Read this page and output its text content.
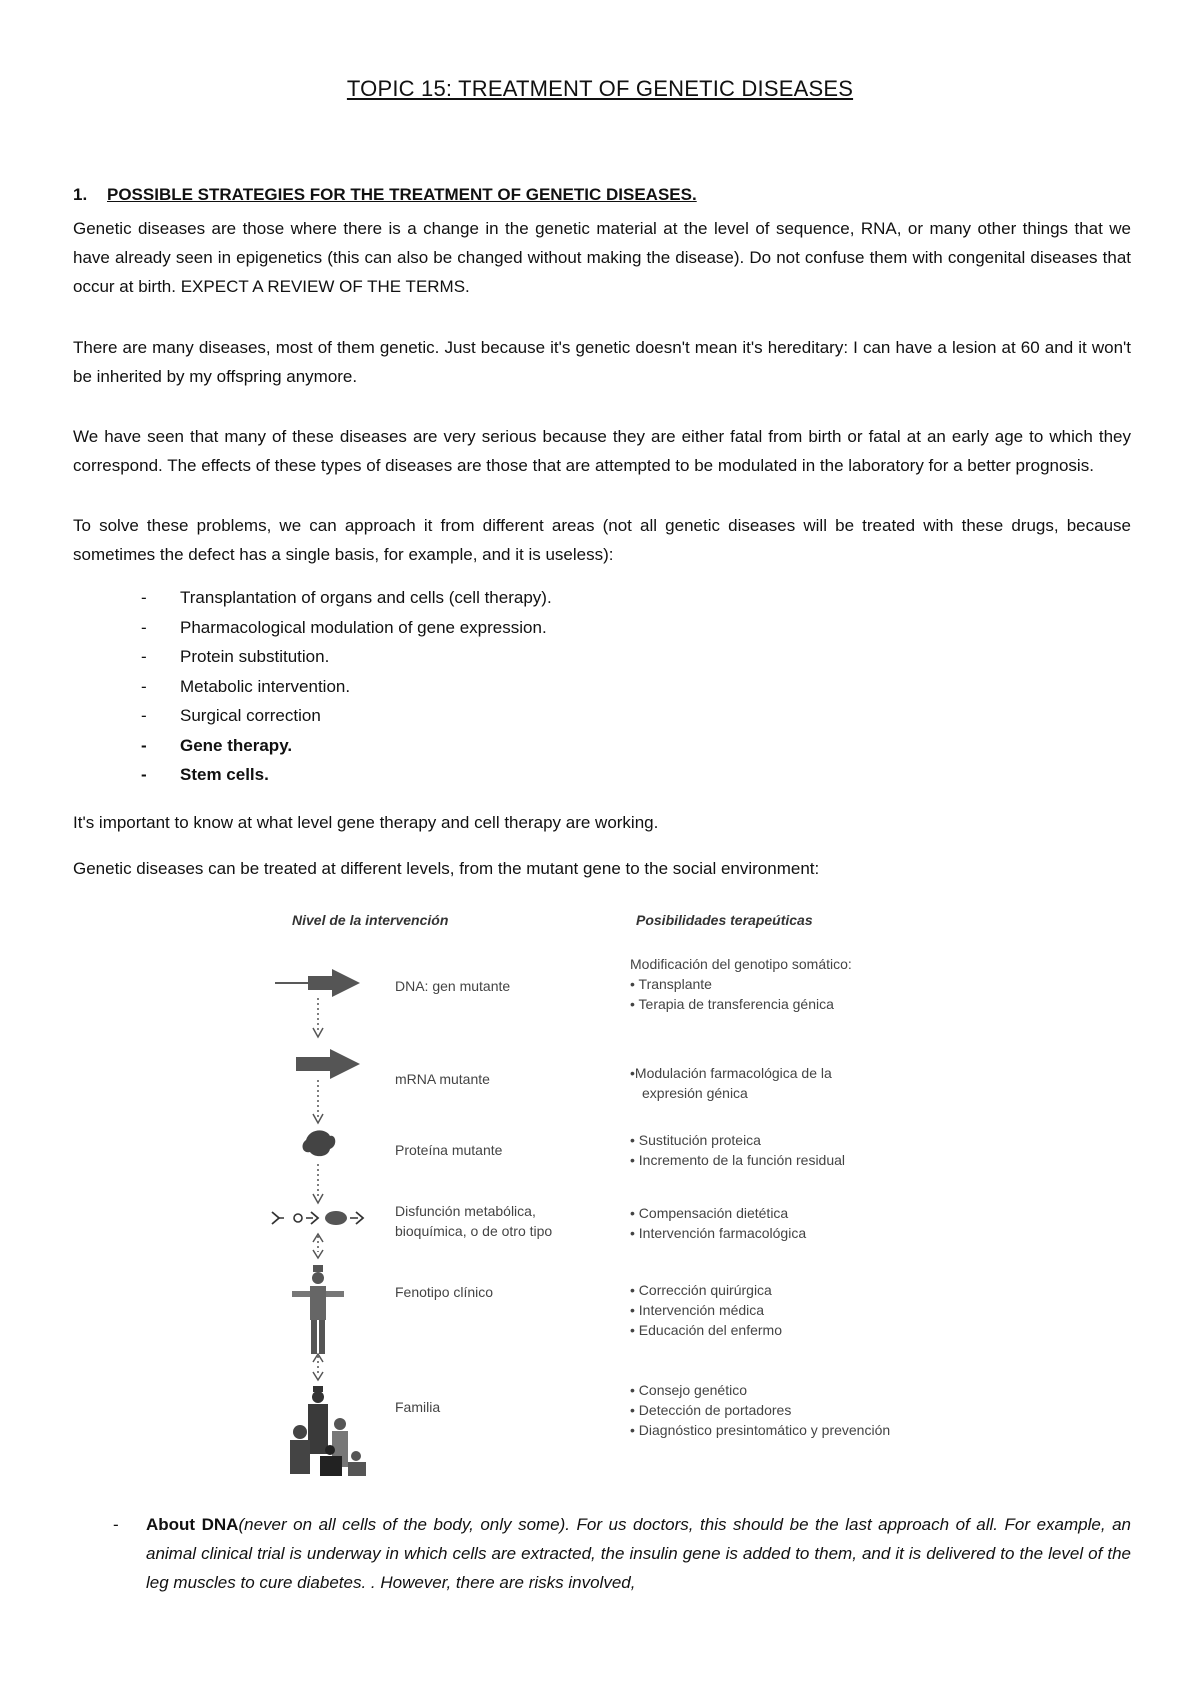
TOPIC 15: TREATMENT OF GENETIC DISEASES
1. POSSIBLE STRATEGIES FOR THE TREATMENT OF GENETIC DISEASES.

Genetic diseases are those where there is a change in the genetic material at the level of sequence, RNA, or many other things that we have already seen in epigenetics (this can also be changed without making the disease). Do not confuse them with congenital diseases that occur at birth. EXPECT A REVIEW OF THE TERMS.

There are many diseases, most of them genetic. Just because it's genetic doesn't mean it's hereditary: I can have a lesion at 60 and it won't be inherited by my offspring anymore.

We have seen that many of these diseases are very serious because they are either fatal from birth or fatal at an early age to which they correspond. The effects of these types of diseases are those that are attempted to be modulated in the laboratory for a better prognosis.

To solve these problems, we can approach it from different areas (not all genetic diseases will be treated with these drugs, because sometimes the defect has a single basis, for example, and it is useless):

- Transplantation of organs and cells (cell therapy).
- Pharmacological modulation of gene expression.
- Protein substitution.
- Metabolic intervention.
- Surgical correction
- Gene therapy.
- Stem cells.

It's important to know at what level gene therapy and cell therapy are working.

Genetic diseases can be treated at different levels, from the mutant gene to the social environment:

Nivel de la intervención	Posibilidades terapeúticas
DNA: gen mutante
mRNA mutante
Proteína mutante
Disfunción metabólica,
bioquímica, o de otro tipo
Fenotipo clínico
Familia
Modificación del genotipo somático:
• Transplante
• Terapia de transferencia génica
•Modulación farmacológica de la
expresión génica
• Sustitución proteica
• Incremento de la función residual
• Compensación dietética
• Intervención farmacológica
• Corrección quirúrgica
• Intervención médica
• Educación del enfermo
• Consejo genético
• Detección de portadores
• Diagnóstico presintomático y prevención
- About DNA(never on all cells of the body, only some). For us doctors, this should be the last approach of all. For example, an animal clinical trial is underway in which cells are extracted, the insulin gene is added to them, and it is delivered to the level of the leg muscles to cure diabetes. . However, there are risks involved,
